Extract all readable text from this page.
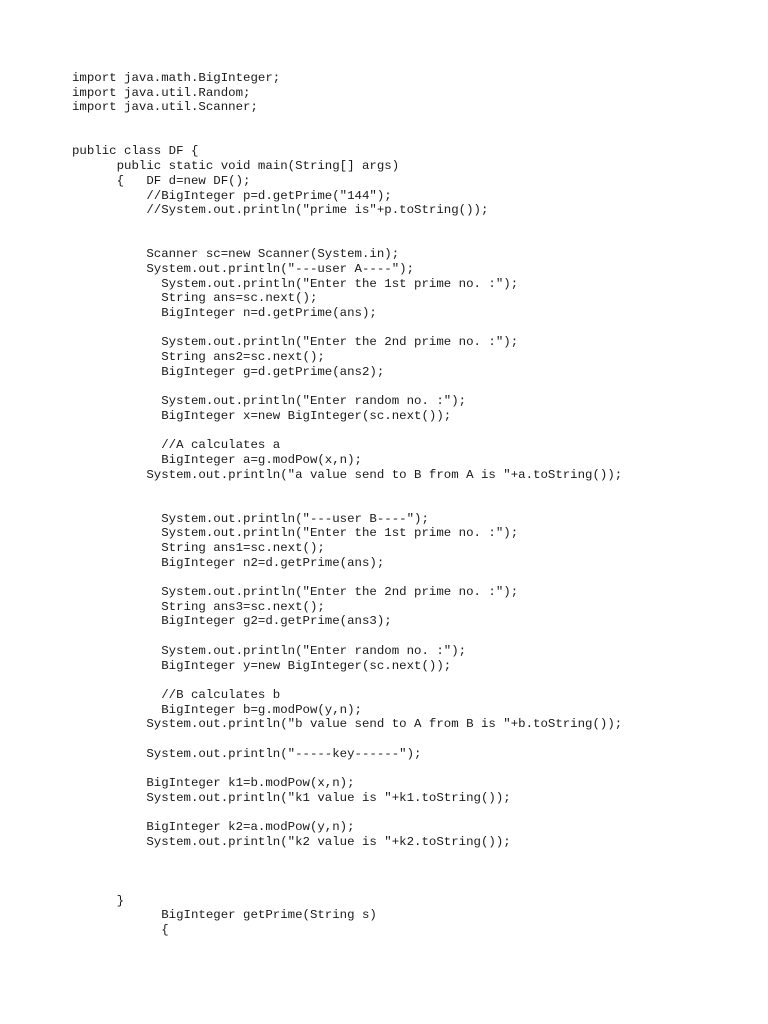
import java.math.BigInteger;
import java.util.Random;
import java.util.Scanner;
public class DF {
public static void main(String[] args)
{   DF d=new DF();
//BigInteger p=d.getPrime("144");
//System.out.println("prime is"+p.toString());
Scanner sc=new Scanner(System.in);
System.out.println("---user A----");
System.out.println("Enter the 1st prime no. :");
String ans=sc.next();
BigInteger n=d.getPrime(ans);
System.out.println("Enter the 2nd prime no. :");
String ans2=sc.next();
BigInteger g=d.getPrime(ans2);
System.out.println("Enter random no. :");
BigInteger x=new BigInteger(sc.next());
//A calculates a
BigInteger a=g.modPow(x,n);
System.out.println("a value send to B from A is "+a.toString());
System.out.println("---user B----");
System.out.println("Enter the 1st prime no. :");
String ans1=sc.next();
BigInteger n2=d.getPrime(ans);
System.out.println("Enter the 2nd prime no. :");
String ans3=sc.next();
BigInteger g2=d.getPrime(ans3);
System.out.println("Enter random no. :");
BigInteger y=new BigInteger(sc.next());
//B calculates b
BigInteger b=g.modPow(y,n);
System.out.println("b value send to A from B is "+b.toString());
System.out.println("-----key------");
BigInteger k1=b.modPow(x,n);
System.out.println("k1 value is "+k1.toString());
BigInteger k2=a.modPow(y,n);
System.out.println("k2 value is "+k2.toString());
}
BigInteger getPrime(String s)
{
